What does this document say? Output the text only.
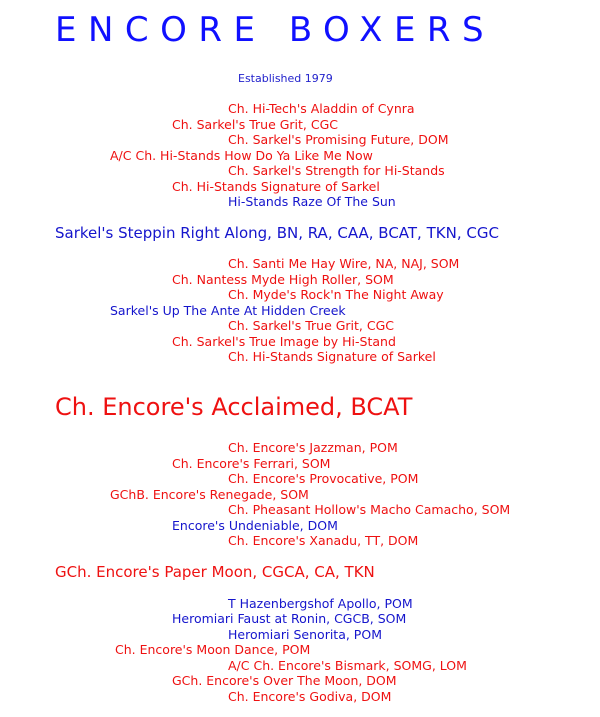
ENCORE BOXERS
Established 1979
Ch. Hi-Tech's Aladdin of Cynra
Ch. Sarkel's True Grit, CGC
Ch. Sarkel's Promising Future, DOM
A/C Ch. Hi-Stands How Do Ya Like Me Now
Ch. Sarkel's Strength for Hi-Stands
Ch. Hi-Stands Signature of Sarkel
Hi-Stands Raze Of The Sun
Sarkel's Steppin Right Along, BN, RA, CAA, BCAT, TKN, CGC
Ch. Santi Me Hay Wire, NA, NAJ, SOM
Ch. Nantess Myde High Roller, SOM
Ch. Myde's Rock'n The Night Away
Sarkel's Up The Ante At Hidden Creek
Ch. Sarkel's True Grit, CGC
Ch. Sarkel's True Image by Hi-Stand
Ch. Hi-Stands Signature of Sarkel
Ch. Encore's Acclaimed, BCAT
Ch. Encore's Jazzman, POM
Ch. Encore's Ferrari, SOM
Ch. Encore's Provocative, POM
GChB. Encore's Renegade, SOM
Ch. Pheasant Hollow's Macho Camacho, SOM
Encore's Undeniable, DOM
Ch. Encore's Xanadu, TT, DOM
GCh. Encore's Paper Moon, CGCA, CA, TKN
T Hazenbergshof Apollo, POM
Heromiari Faust at Ronin, CGCB, SOM
Heromiari Senorita, POM
Ch. Encore's Moon Dance, POM
A/C Ch. Encore's Bismark, SOMG, LOM
GCh. Encore's Over The Moon, DOM
Ch. Encore's Godiva, DOM
